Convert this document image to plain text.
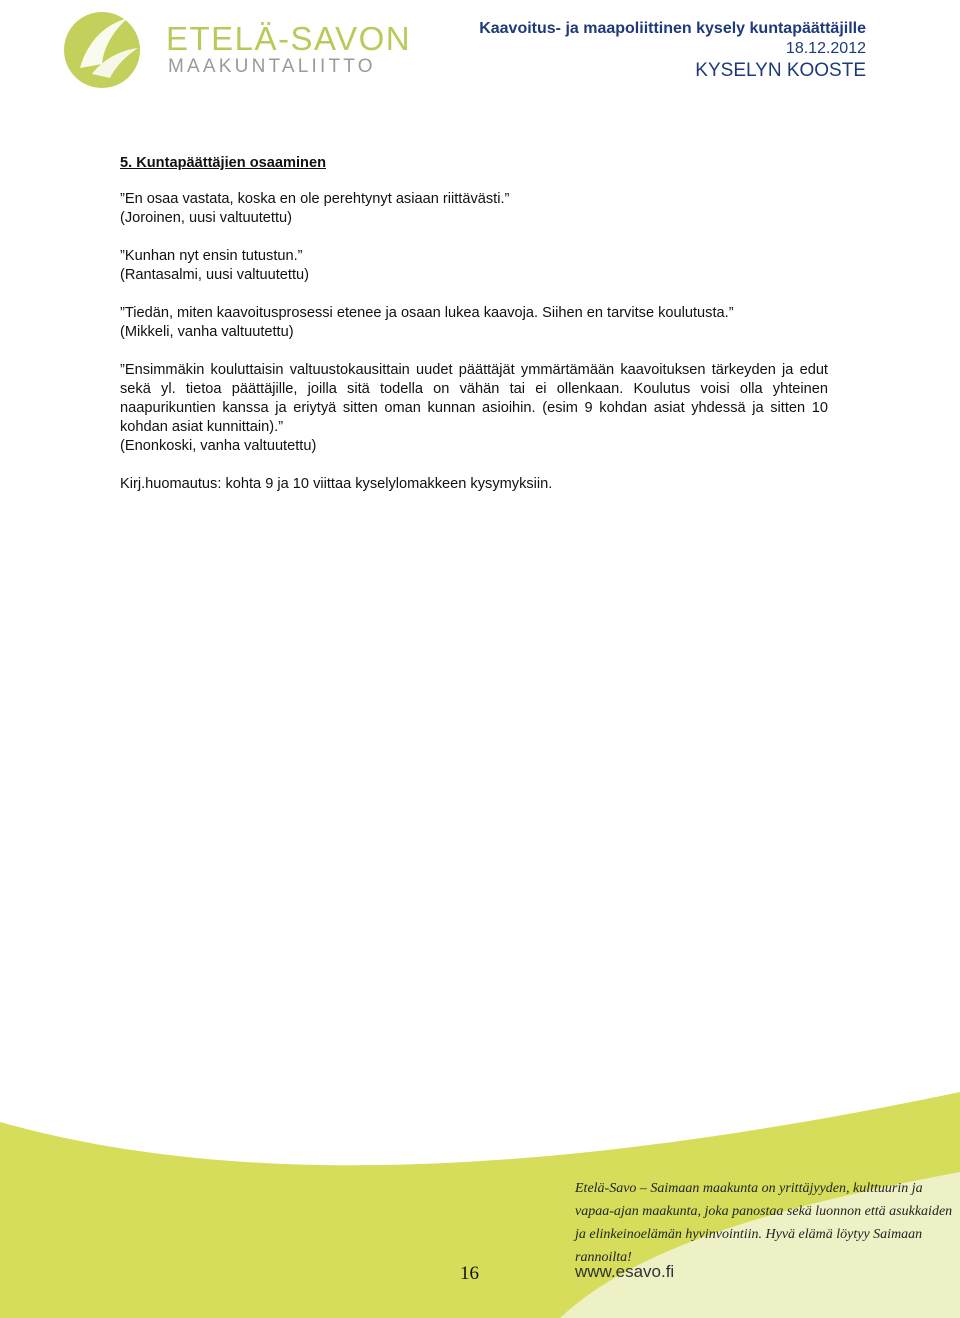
ETELÄ-SAVON
MAAKUNTALIITTO
Kaavoitus- ja maapoliittinen kysely kuntapäättäjille
18.12.2012
KYSELYN KOOSTE

5. Kuntapäättäjien osaaminen

”En osaa vastata, koska en ole perehtynyt asiaan riittävästi.”
(Joroinen, uusi valtuutettu)
”Kunhan nyt ensin tutustun.”
(Rantasalmi, uusi valtuutettu)
”Tiedän, miten kaavoitusprosessi etenee ja osaan lukea kaavoja. Siihen en tarvitse koulutusta.”
(Mikkeli, vanha valtuutettu)
”Ensimmäkin kouluttaisin valtuustokausittain uudet päättäjät ymmärtämään kaavoituksen tärkeyden ja edut sekä yl. tietoa päättäjille, joilla sitä todella on vähän tai ei ollenkaan. Koulutus voisi olla yhteinen naapurikuntien kanssa ja eriytyä sitten oman kunnan asioihin. (esim 9 kohdan asiat yhdessä ja sitten 10 kohdan asiat kunnittain).”
(Enonkoski, vanha valtuutettu)

Kirj.huomautus: kohta 9 ja 10 viittaa kyselylomakkeen kysymyksiin.

Etelä-Savo – Saimaan maakunta on yrittäjyyden, kulttuurin ja vapaa-ajan maakunta, joka panostaa sekä luonnon että asukkaiden ja elinkeinoelämän hyvinvointiin. Hyvä elämä löytyy Saimaan rannoilta!
www.esavo.fi
16
